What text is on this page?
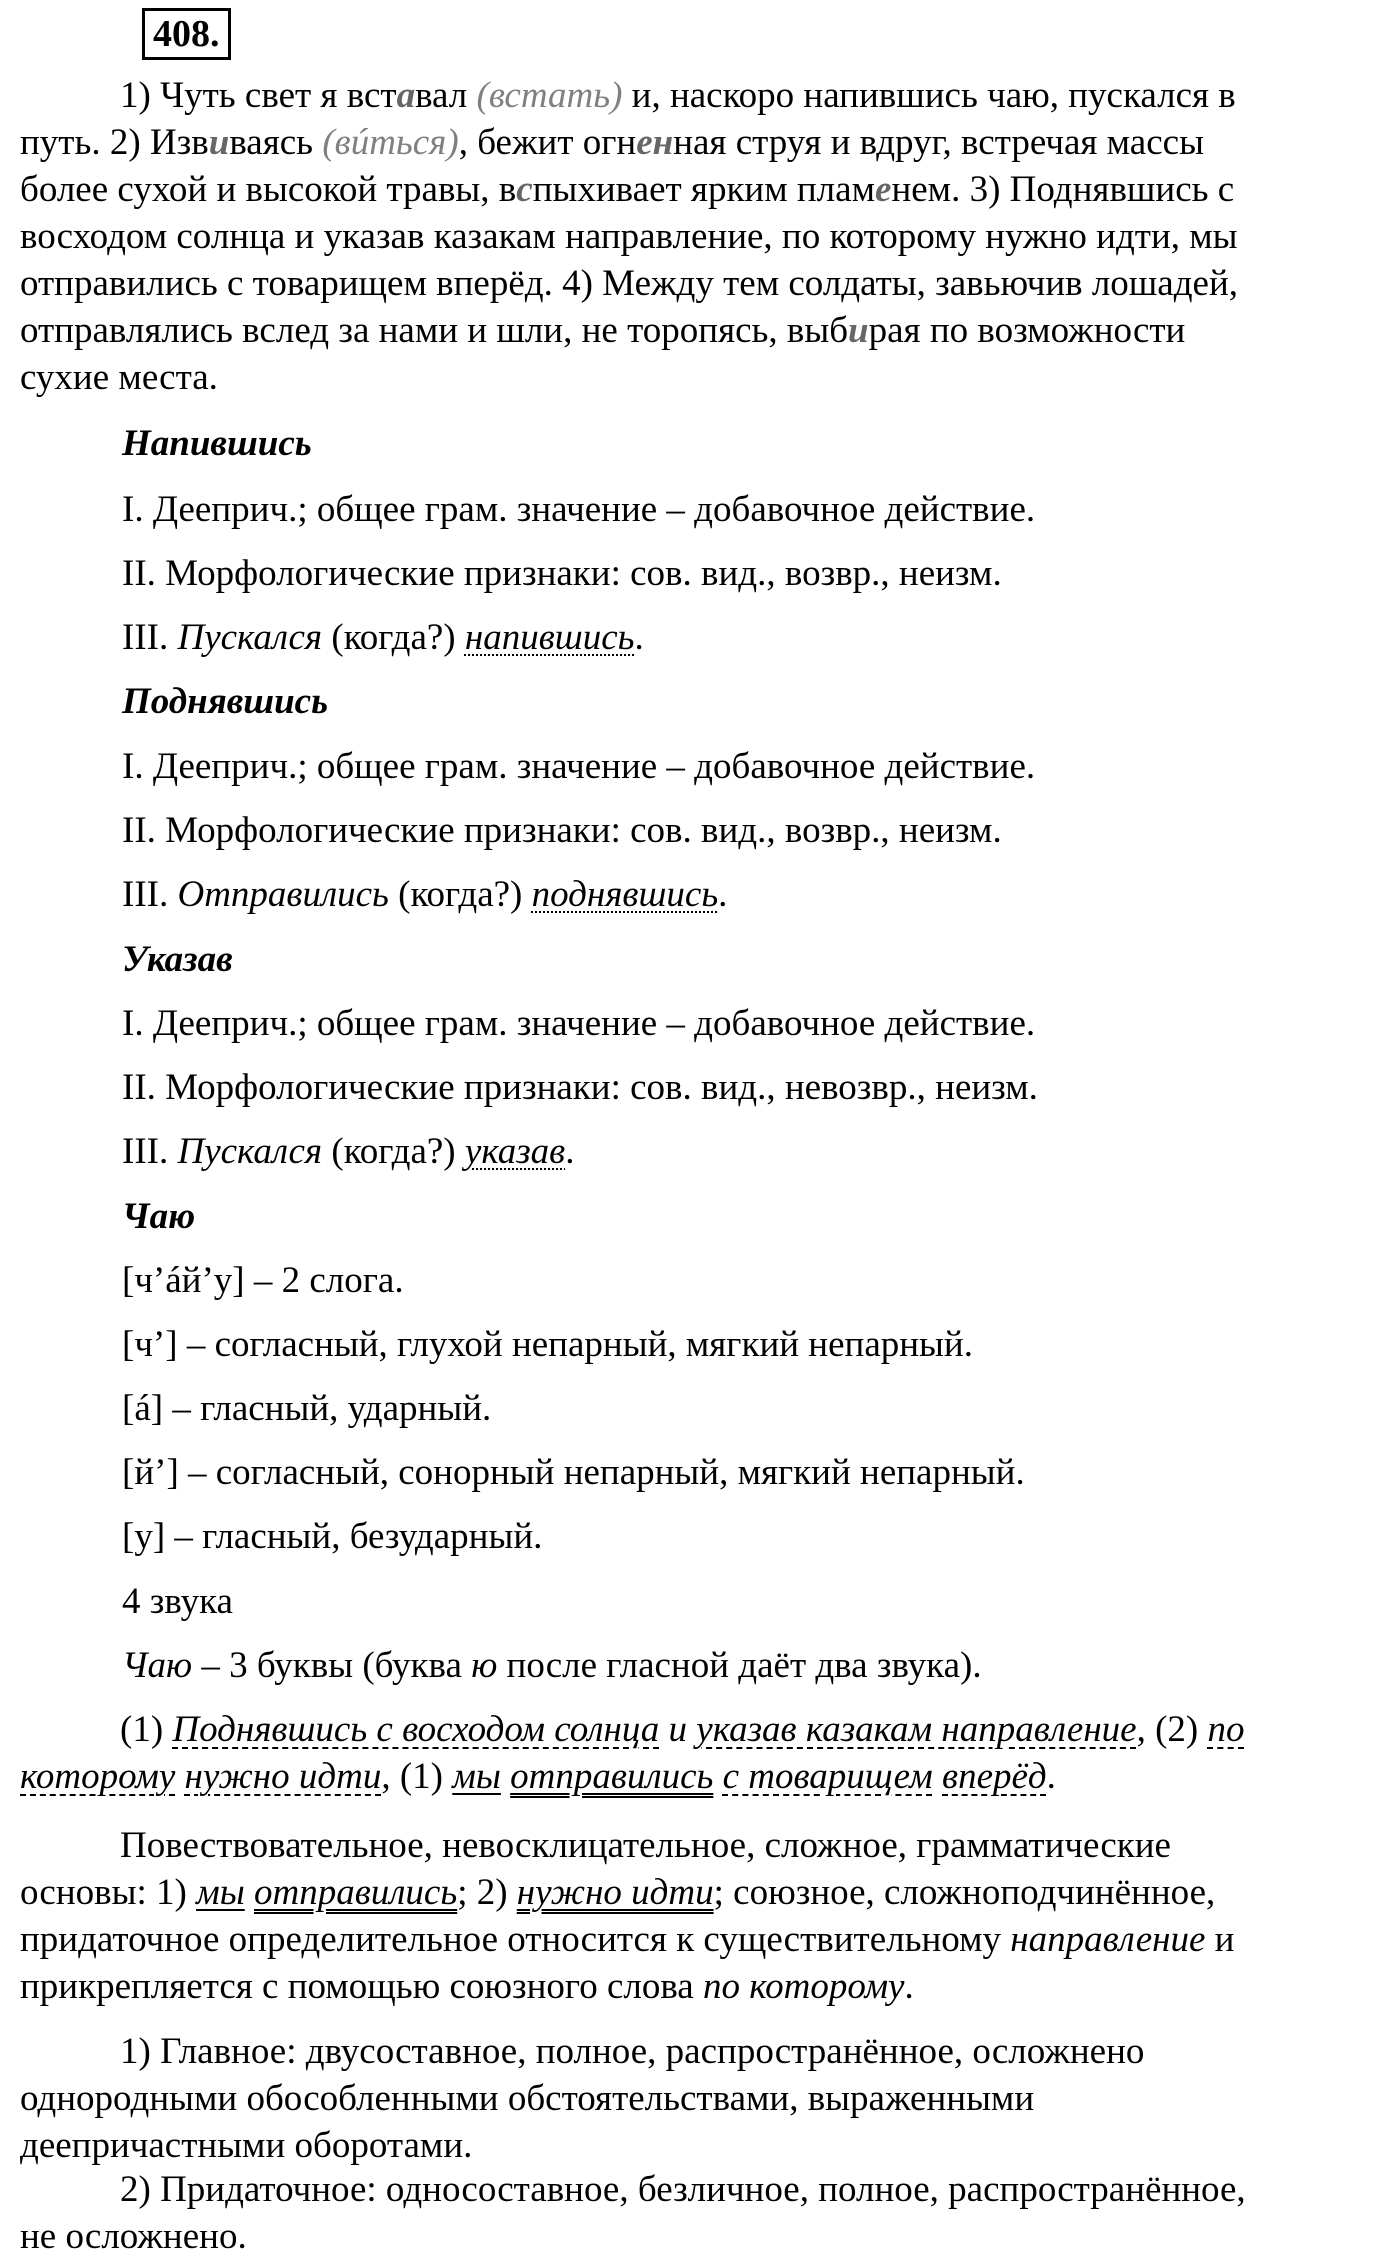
408.
1) Чуть свет я вставал (встать) и, наскоро напившись чаю, пускался в
путь. 2) Извиваясь (вúться), бежит огненная струя и вдруг, встречая массы
более сухой и высокой травы, вспыхивает ярким пламенем. 3) Поднявшись с
восходом солнца и указав казакам направление, по которому нужно идти, мы
отправились с товарищем вперёд. 4) Между тем солдаты, завьючив лошадей,
отправлялись вслед за нами и шли, не торопясь, выбирая по возможности
сухие места.
Напившись
I. Дееприч.; общее грам. значение – добавочное действие.
II. Морфологические признаки: сов. вид., возвр., неизм.
III. Пускался (когда?) напившись.
Поднявшись
I. Дееприч.; общее грам. значение – добавочное действие.
II. Морфологические признаки: сов. вид., возвр., неизм.
III. Отправились (когда?) поднявшись.
Указав
I. Дееприч.; общее грам. значение – добавочное действие.
II. Морфологические признаки: сов. вид., невозвр., неизм.
III. Пускался (когда?) указав.
Чаю
[ч’áй’у] – 2 слога.
[ч’] – согласный, глухой непарный, мягкий непарный.
[á] – гласный, ударный.
[й’] – согласный, сонорный непарный, мягкий непарный.
[у] – гласный, безударный.
4 звука
Чаю – 3 буквы (буква ю после гласной даёт два звука).
(1) Поднявшись с восходом солнца и указав казакам направление, (2) по
которому нужно идти, (1) мы отправились с товарищем вперёд.
Повествовательное, невосклицательное, сложное, грамматические
основы: 1) мы отправились; 2) нужно идти; союзное, сложноподчинённое,
придаточное определительное относится к существительному направление и
прикрепляется с помощью союзного слова по которому.
1) Главное: двусоставное, полное, распространённое, осложнено
однородными обособленными обстоятельствами, выраженными
деепричастными оборотами.
2) Придаточное: односоставное, безличное, полное, распространённое,
не осложнено.
